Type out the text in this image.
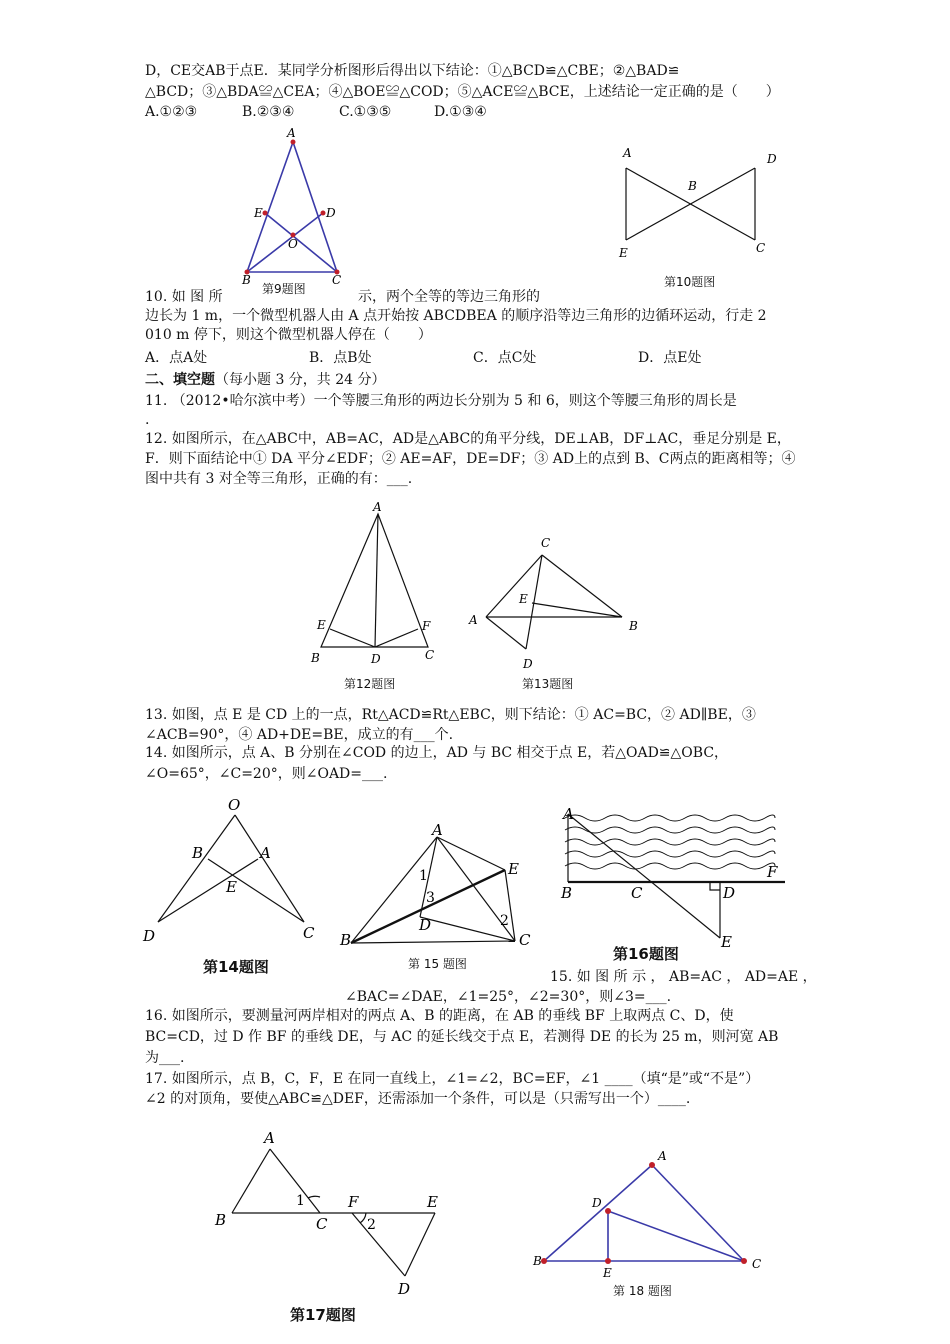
D，CE交AB于点E．某同学分析图形后得出以下结论：①△BCD≌△CBE；②△BAD≌
△BCD；③△BDA≌△CEA；④△BOE≌△COD；⑤△ACE≌△BCE，上述结论一定正确的是（　　）
A.①②③	B.②③④	C.①③⑤	D.①③④
A
E	D
O
B	C
第9题图
A	D
B
E	C
第10题图
10. 如 图 所	示，两个全等的等边三角形的
边长为 1 m，一个微型机器人由 A 点开始按 ABCDBEA 的顺序沿等边三角形的边循环运动，行走 2
010 m 停下，则这个微型机器人停在（　　）
A．点A处	B．点B处	C．点C处	D．点E处
二、填空题（每小题 3 分，共 24 分）
11. （2012•哈尔滨中考）一个等腰三角形的两边长分别为 5 和 6，则这个等腰三角形的周长是
.
12. 如图所示，在△ABC中，AB=AC，AD是△ABC的角平分线，DE⊥AB，DF⊥AC，垂足分别是 E，
F．则下面结论中① DA 平分∠EDF；② AE=AF，DE=DF；③ AD上的点到 B、C两点的距离相等；④
图中共有 3 对全等三角形，正确的有：___.
A
E	F
B	D	C
第12题图
C
E
A	B
D
第13题图
13. 如图，点 E 是 CD 上的一点，Rt△ACD≌Rt△EBC，则下结论：① AC=BC，② AD∥BE，③
∠ACB=90°，④ AD+DE=BE，成立的有___个.
14. 如图所示，点 A、B 分别在∠COD 的边上，AD 与 BC 相交于点 E，若△OAD≌△OBC，
∠O=65°，∠C=20°，则∠OAD=___.
O
B	A
E
D	C
第14题图
A
E
1
3
D	2
B	C
第 15 题图
A
F
B	C	D
E
第16题图
15. 如 图 所 示 ， AB=AC ， AD=AE ，
∠BAC=∠DAE，∠1=25°，∠2=30°，则∠3=___.
16. 如图所示，要测量河两岸相对的两点 A、B 的距离，在 AB 的垂线 BF 上取两点 C、D，使
BC=CD，过 D 作 BF 的垂线 DE，与 AC 的延长线交于点 E，若测得 DE 的长为 25 m，则河宽 AB
为___.
17. 如图所示，点 B，C，F，E 在同一直线上，∠1=∠2，BC=EF，∠1 ____（填“是”或“不是”）
∠2 的对顶角，要使△ABC≌△DEF，还需添加一个条件，可以是（只需写出一个）____.
A
1	F	E
B	C	2
D
第17题图
A
D
B
E
C
第 18 题图
